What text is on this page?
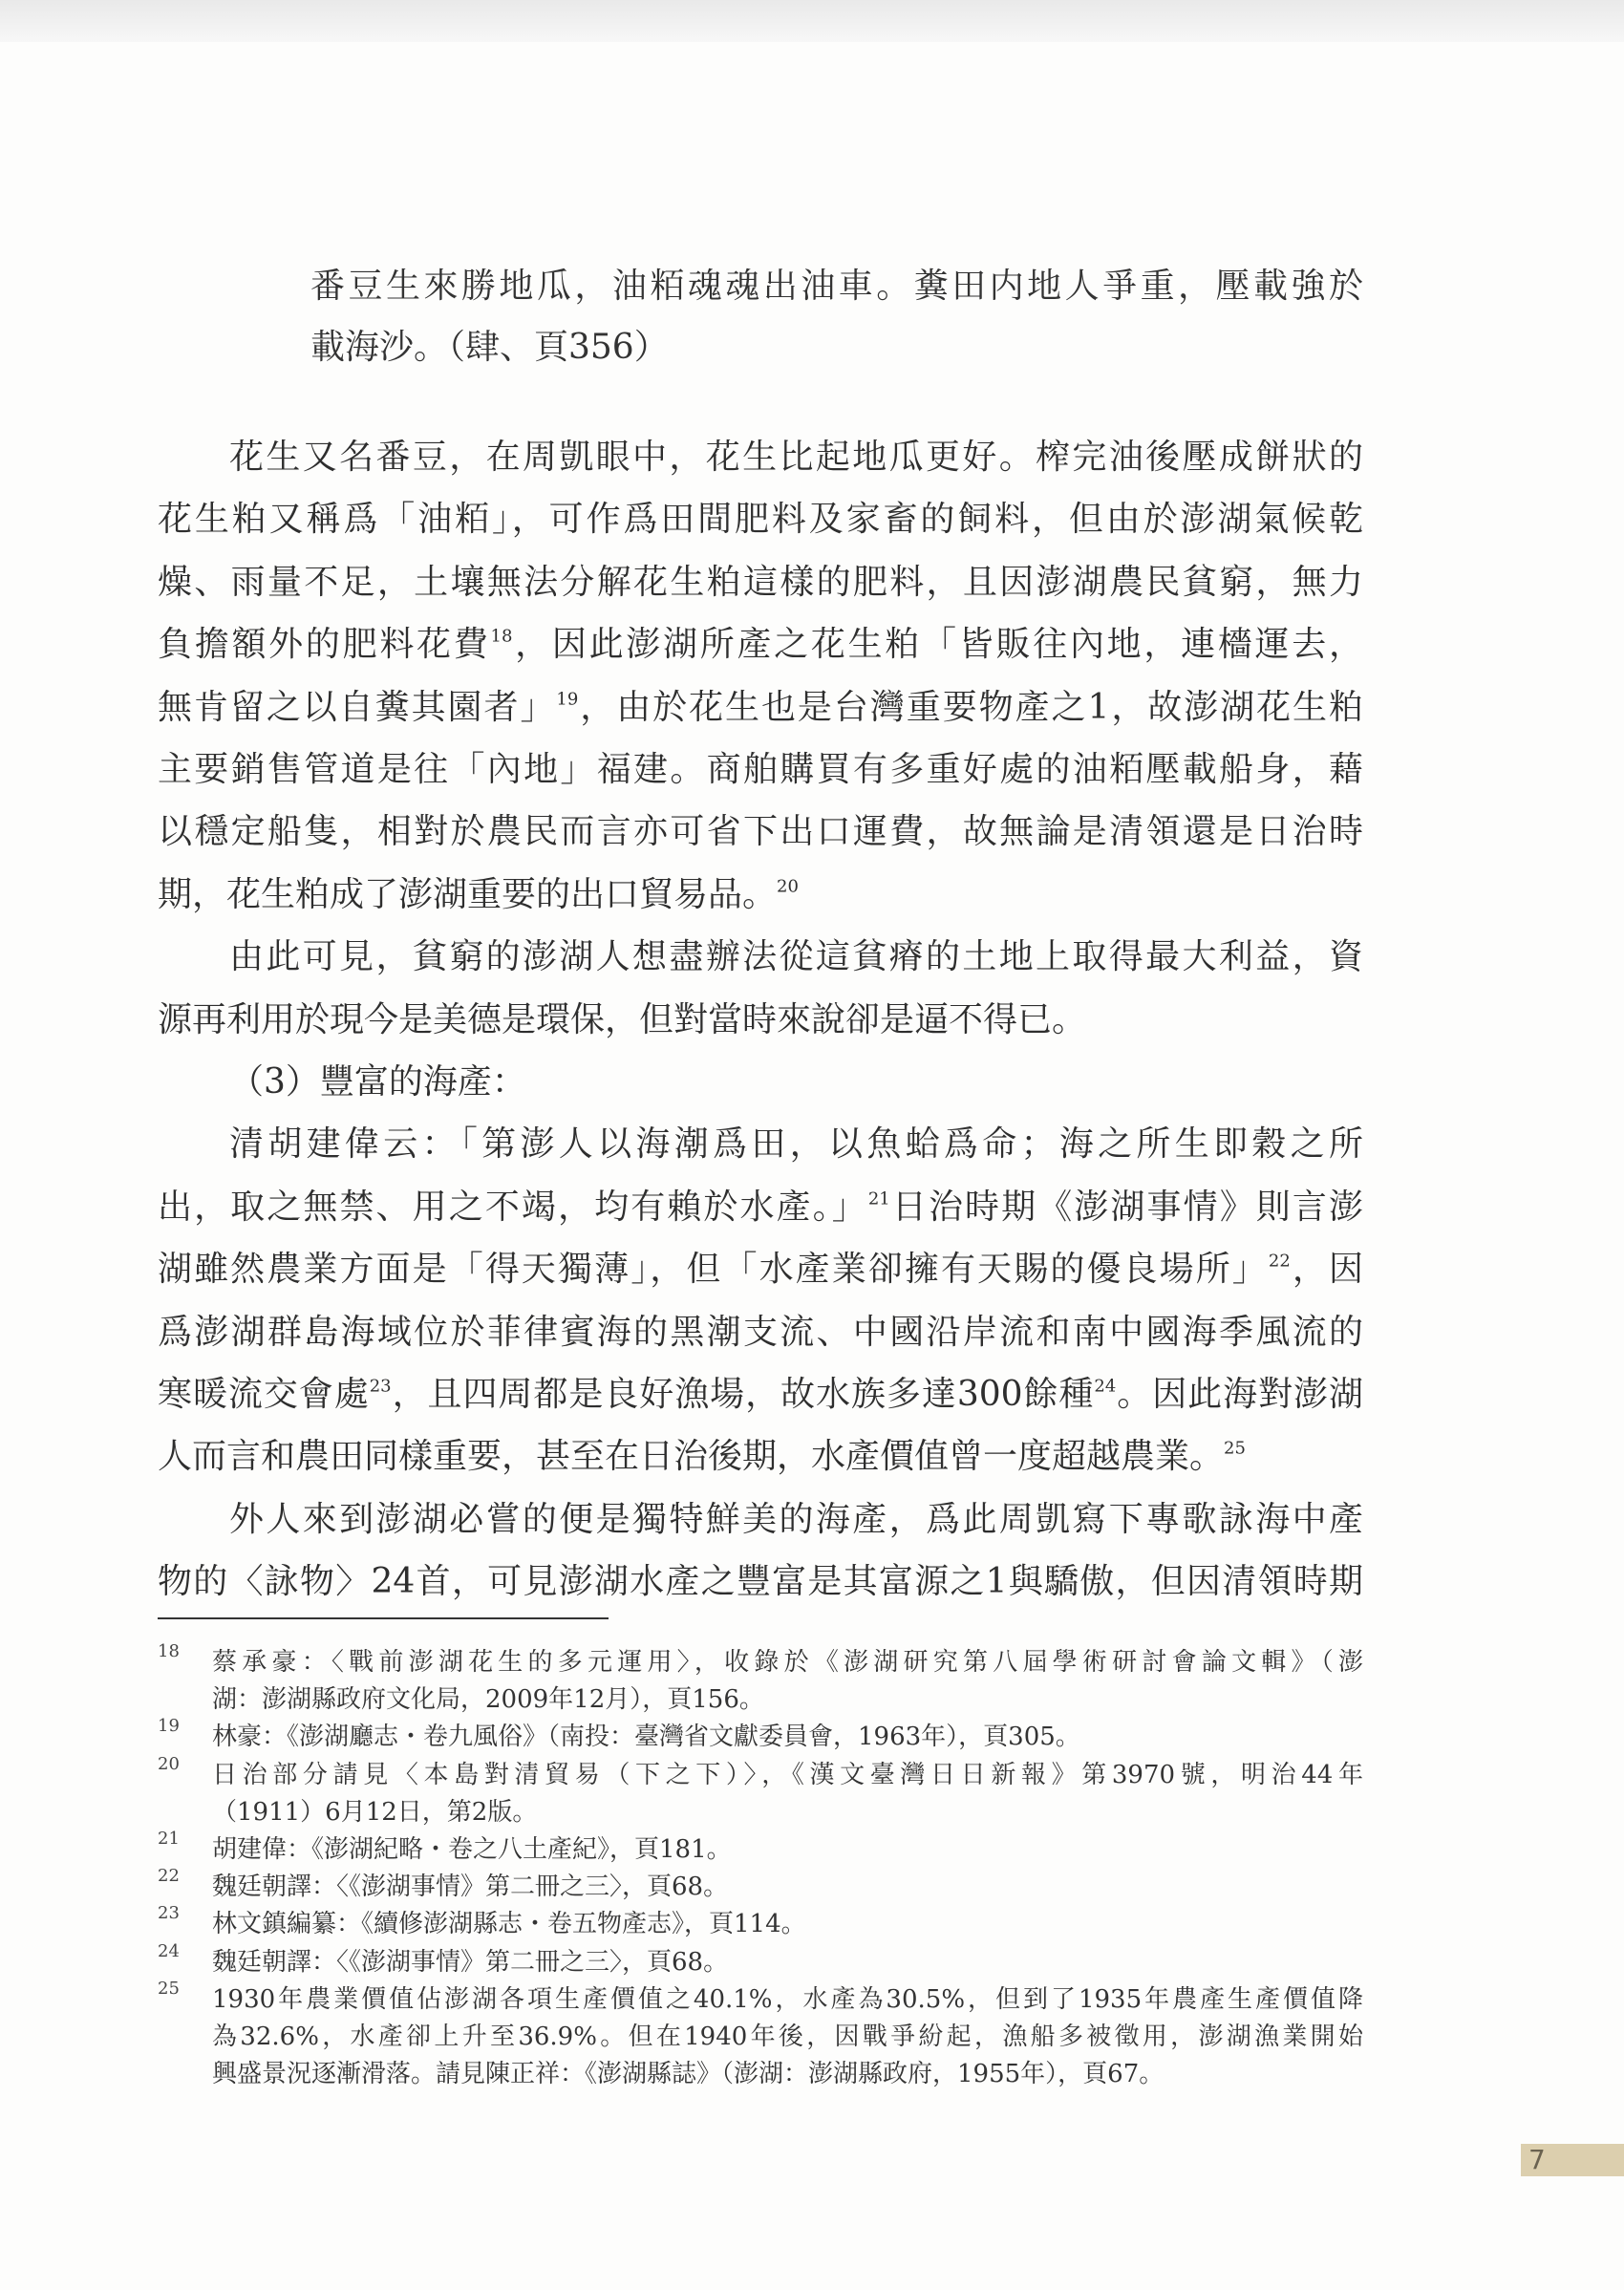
番豆生來勝地瓜，油粨魂魂出油車。糞田内地人爭重，壓載強於
載海沙。（肆、頁356）
花生又名番豆，在周凱眼中，花生比起地瓜更好。榨完油後壓成餅狀的
花生粕又稱爲「油粨」，可作爲田間肥料及家畜的飼料，但由於澎湖氣候乾
燥、雨量不足，土壤無法分解花生粕這樣的肥料，且因澎湖農民貧窮，無力
負擔額外的肥料花費$^{18}$，因此澎湖所產之花生粕「皆販往內地，連檣運去，
無肯留之以自糞其園者」$^{19}$，由於花生也是台灣重要物產之1，故澎湖花生粕
主要銷售管道是往「內地」福建。商舶購買有多重好處的油粨壓載船身，藉
以穩定船隻，相對於農民而言亦可省下出口運費，故無論是清領還是日治時
期，花生粕成了澎湖重要的出口貿易品。$^{20}$
由此可見，貧窮的澎湖人想盡辦法從這貧瘠的土地上取得最大利益，資
源再利用於現今是美德是環保，但對當時來說卻是逼不得已。
（3）豐富的海產：
清胡建偉云：「第澎人以海潮爲田，以魚蛤爲命；海之所生即穀之所
出，取之無禁、用之不竭，均有賴於水產。」$^{21}$日治時期《澎湖事情》則言澎
湖雖然農業方面是「得天獨薄」，但「水產業卻擁有天賜的優良場所」$^{22}$，因
爲澎湖群島海域位於菲律賓海的黑潮支流、中國沿岸流和南中國海季風流的
寒暖流交會處$^{23}$，且四周都是良好漁場，故水族多達300餘種$^{24}$。因此海對澎湖
人而言和農田同樣重要，甚至在日治後期，水產價值曾一度超越農業。$^{25}$
外人來到澎湖必嘗的便是獨特鮮美的海產，爲此周凱寫下專歌詠海中產
物的〈詠物〉24首，可見澎湖水產之豐富是其富源之1與驕傲，但因清領時期
18 蔡承豪：〈戰前澎湖花生的多元運用〉，收錄於《澎湖研究第八屆學術研討會論文輯》（澎
湖：澎湖縣政府文化局，2009年12月），頁156。
19 林豪：《澎湖廳志・卷九風俗》（南投：臺灣省文獻委員會，1963年），頁305。
20 日治部分請見〈本島對清貿易（下之下）〉，《漢文臺灣日日新報》第3970號，明治44年
（1911）6月12日，第2版。
21 胡建偉：《澎湖紀略・卷之八土產紀》，頁181。
22 魏廷朝譯：〈《澎湖事情》第二冊之三〉，頁68。
23 林文鎮編纂：《續修澎湖縣志・卷五物產志》，頁114。
24 魏廷朝譯：〈《澎湖事情》第二冊之三〉，頁68。
25 1930年農業價值佔澎湖各項生產價值之40.1%，水產為30.5%，但到了1935年農產生產價值降
為32.6%，水產卻上升至36.9%。但在1940年後，因戰爭紛起，漁船多被徵用，澎湖漁業開始
興盛景況逐漸滑落。請見陳正祥：《澎湖縣誌》（澎湖：澎湖縣政府，1955年），頁67。
7
